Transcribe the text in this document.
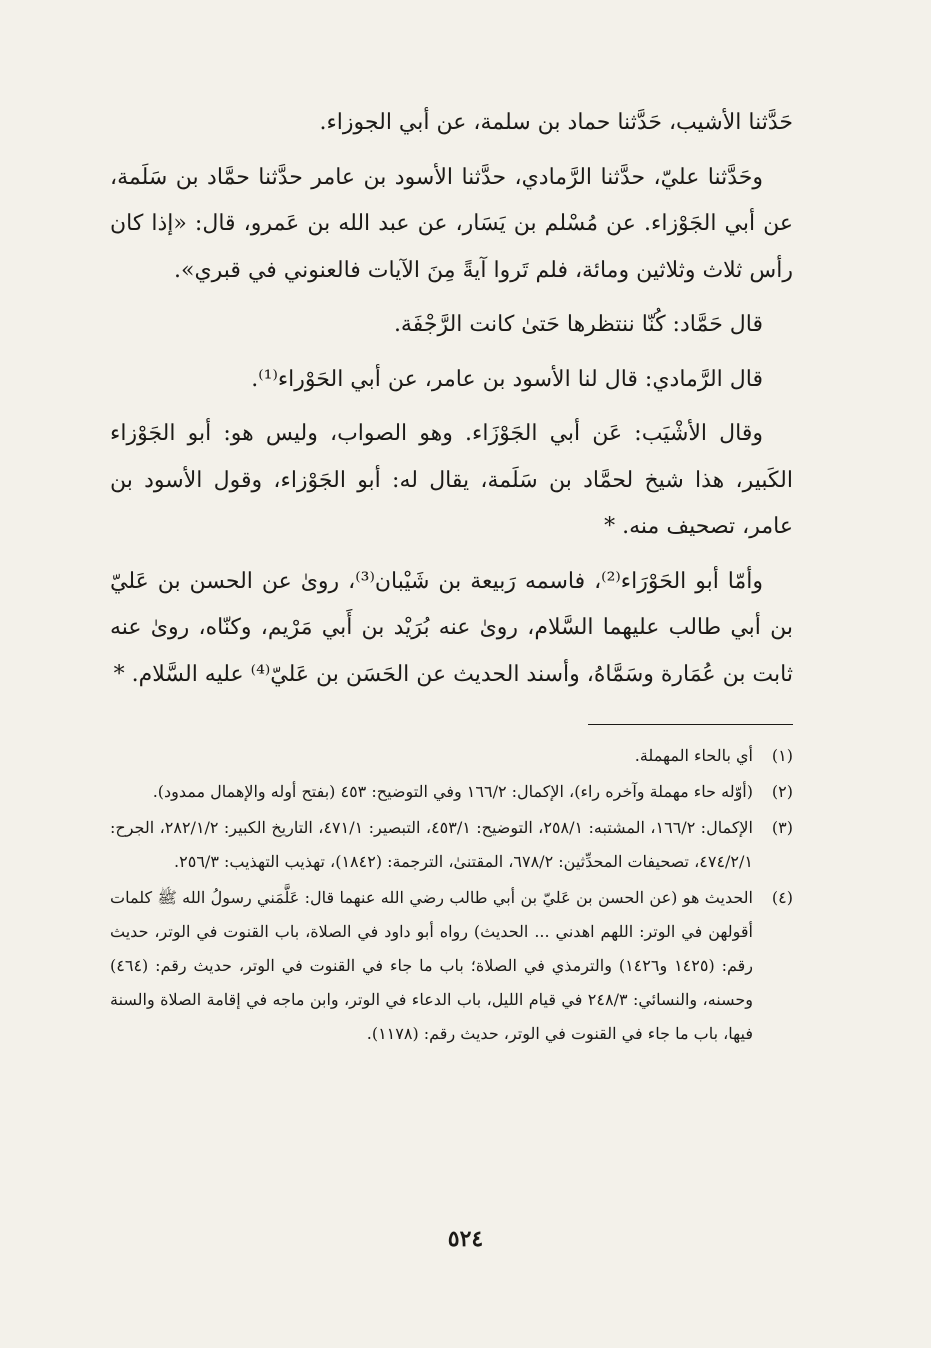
حَدَّثنا الأشيب، حَدَّثنا حماد بن سلمة، عن أبي الجوزاء.

وحَدَّثنا عليّ، حدَّثنا الرَّمادي، حدَّثنا الأسود بن عامر حدَّثنا حمَّاد بن سَلَمة، عن أبي الجَوْزاء. عن مُسْلم بن يَسَار، عن عبد الله بن عَمرو، قال: «إذا كان رأس ثلاث وثلاثين ومائة، فلم تَروا آيةً مِنَ الآيات فالعنوني في قبري».

قال حَمَّاد: كُنّا ننتظرها حَتىٰ كانت الرَّجْفَة.

قال الرَّمادي: قال لنا الأسود بن عامر، عن أبي الحَوْراء⁽¹⁾.

وقال الأشْيَب: عَن أبي الجَوْزَاء. وهو الصواب، وليس هو: أبو الجَوْزاء الكَبير، هذا شيخ لحمَّاد بن سَلَمة، يقال له: أبو الجَوْزاء، وقول الأسود بن عامر، تصحيف منه. *

وأمّا أبو الحَوْرَاء⁽²⁾، فاسمه رَبيعة بن شَيْبان⁽³⁾، روىٰ عن الحسن بن عَليّ بن أبي طالب عليهما السَّلام، روىٰ عنه بُرَيْد بن أَبي مَرْيم، وكنّاه، روىٰ عنه ثابت بن عُمَارة وسَمَّاهُ، وأسند الحديث عن الحَسَن بن عَليّ⁽⁴⁾ عليه السَّلام. *

(١)
أي بالحاء المهملة.
(٢)
(أوّله حاء مهملة وآخره راء)، الإكمال: ١٦٦/٢ وفي التوضيح: ٤٥٣ (بفتح أوله والإهمال ممدود).
(٣)
الإكمال: ١٦٦/٢، المشتبه: ٢٥٨/١، التوضيح: ٤٥٣/١، التبصير: ٤٧١/١، التاريخ الكبير: ٢٨٢/١/٢، الجرح: ٤٧٤/٢/١، تصحيفات المحدِّثين: ٦٧٨/٢، المقتنىٰ، الترجمة: (١٨٤٢)، تهذيب التهذيب: ٢٥٦/٣.
(٤)
الحديث هو (عن الحسن بن عَليّ بن أبي طالب رضي الله عنهما قال: عَلَّمَني رسولُ الله ﷺ كلمات أقولهن في الوتر: اللهم اهدني ... الحديث) رواه أبو داود في الصلاة، باب القنوت في الوتر، حديث رقم: (١٤٢٥ و١٤٢٦) والترمذي في الصلاة؛ باب ما جاء في القنوت في الوتر، حديث رقم: (٤٦٤) وحسنه، والنسائي: ٢٤٨/٣ في قيام الليل، باب الدعاء في الوتر، وابن ماجه في إقامة الصلاة والسنة فيها، باب ما جاء في القنوت في الوتر، حديث رقم: (١١٧٨).
٥٢٤
